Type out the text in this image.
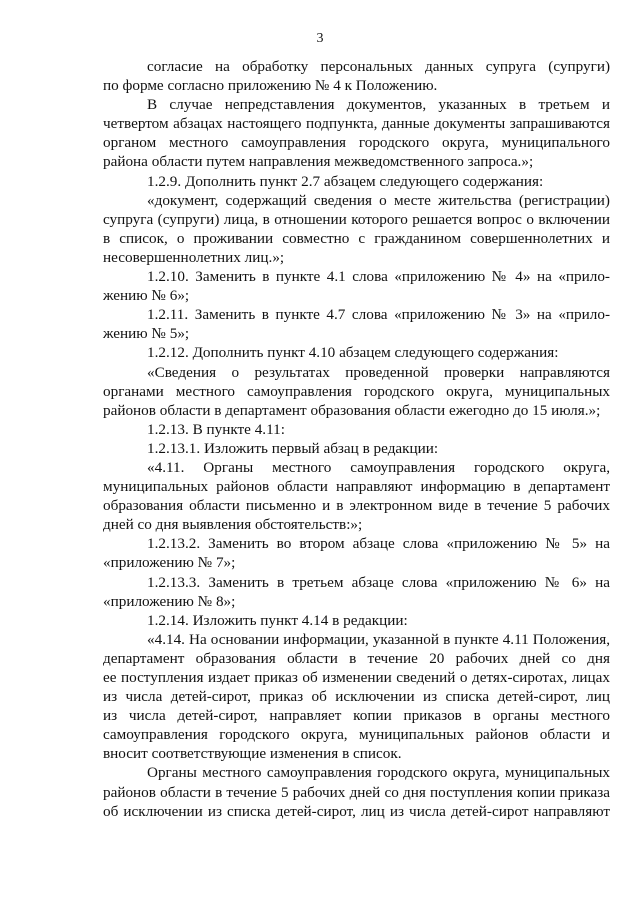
3
согласие на обработку персональных данных супруга (супруги)
по форме согласно приложению № 4 к Положению.
В случае непредставления документов, указанных в третьем и
четвертом абзацах настоящего подпункта, данные документы запрашиваются
органом местного самоуправления городского округа, муниципального
района области путем направления межведомственного запроса.»;
1.2.9. Дополнить пункт 2.7 абзацем следующего содержания:
«документ, содержащий сведения о месте жительства (регистрации)
супруга (супруги) лица, в отношении которого решается вопрос о включении
в список, о проживании совместно с гражданином совершеннолетних и
несовершеннолетних лиц.»;
1.2.10. Заменить в пункте 4.1 слова «приложению № 4» на «прило-
жению № 6»;
1.2.11. Заменить в пункте 4.7 слова «приложению № 3» на «прило-
жению № 5»;
1.2.12. Дополнить пункт 4.10 абзацем следующего содержания:
«Сведения о результатах проведенной проверки направляются
органами местного самоуправления городского округа, муниципальных
районов области в департамент образования области ежегодно до 15 июля.»;
1.2.13. В пункте 4.11:
1.2.13.1. Изложить первый абзац в редакции:
«4.11. Органы местного самоуправления городского округа,
муниципальных районов области направляют информацию в департамент
образования области письменно и в электронном виде в течение 5 рабочих
дней со дня выявления обстоятельств:»;
1.2.13.2. Заменить во втором абзаце слова «приложению № 5» на
«приложению № 7»;
1.2.13.3. Заменить в третьем абзаце слова «приложению № 6» на
«приложению № 8»;
1.2.14. Изложить пункт 4.14 в редакции:
«4.14. На основании информации, указанной в пункте 4.11 Положения,
департамент образования области в течение 20 рабочих дней со дня
ее поступления издает приказ об изменении сведений о детях-сиротах, лицах
из числа детей-сирот, приказ об исключении из списка детей-сирот, лиц
из числа детей-сирот, направляет копии приказов в органы местного
самоуправления городского округа, муниципальных районов области и
вносит соответствующие изменения в список.
Органы местного самоуправления городского округа, муниципальных
районов области в течение 5 рабочих дней со дня поступления копии приказа
об исключении из списка детей-сирот, лиц из числа детей-сирот направляют
